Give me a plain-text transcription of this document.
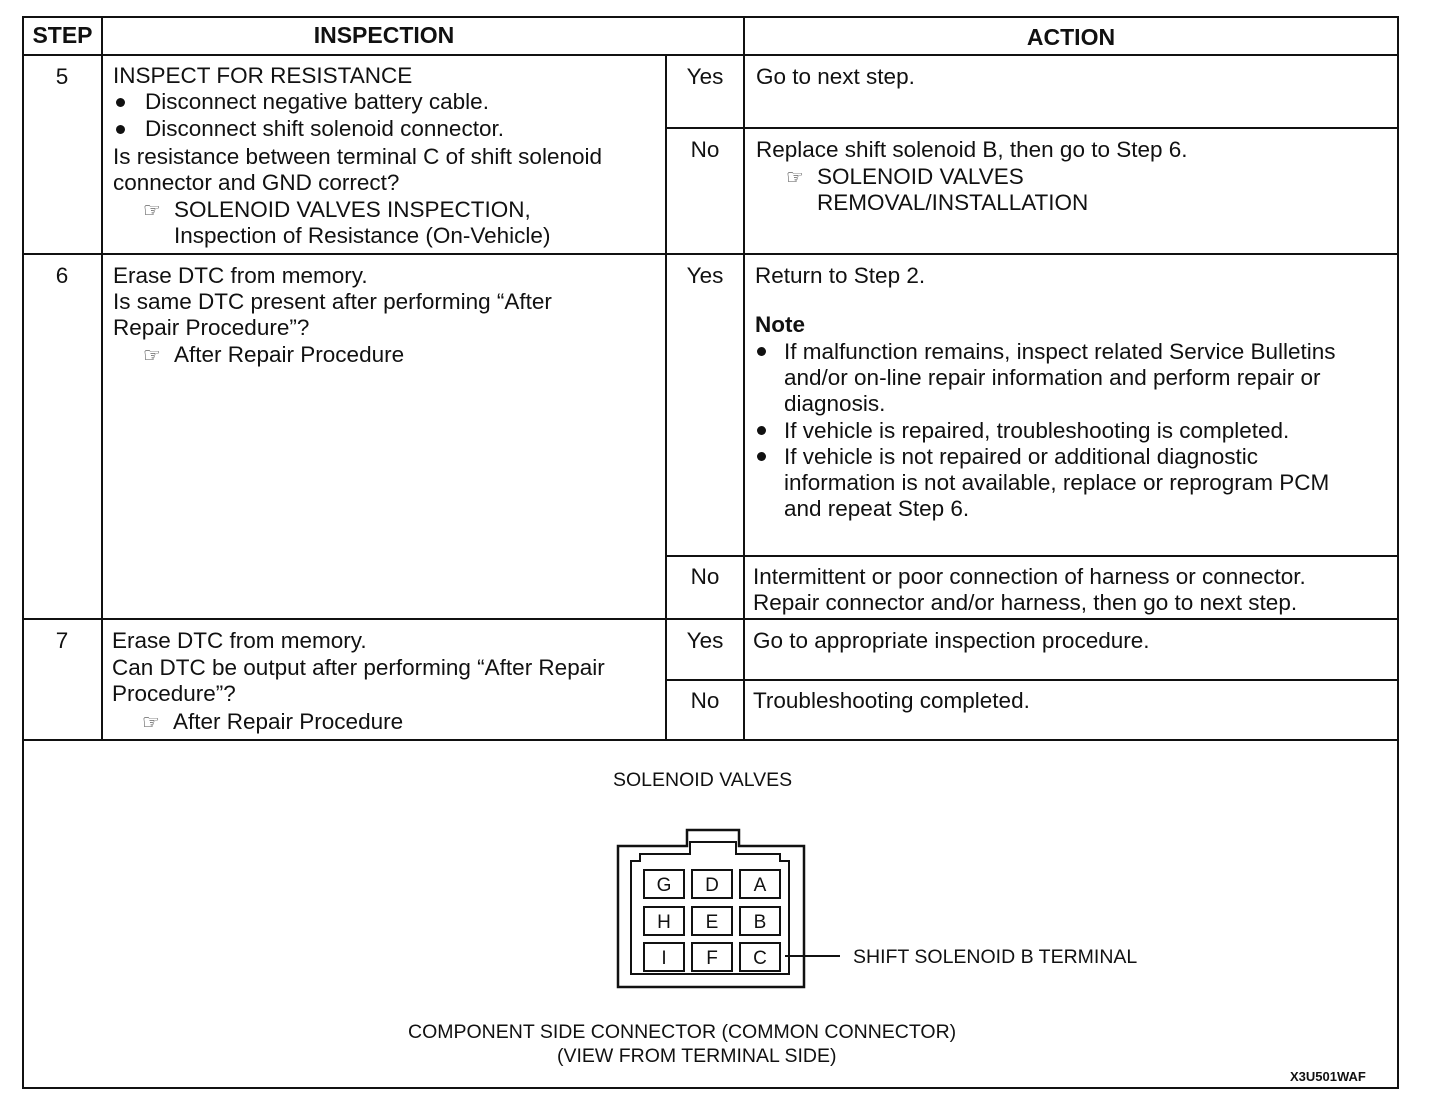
STEP	INSPECTION	ACTION
5	INSPECT FOR RESISTANCE
Disconnect negative battery cable.
Disconnect shift solenoid connector.
Is resistance between terminal C of shift solenoid
connector and GND correct?
☞ SOLENOID VALVES INSPECTION,
Inspection of Resistance (On-Vehicle)
Yes	Go to next step.
No	Replace shift solenoid B, then go to Step 6.
☞ SOLENOID VALVES
REMOVAL/INSTALLATION
6	Erase DTC from memory.
Is same DTC present after performing “After
Repair Procedure”?
☞ After Repair Procedure
Yes	Return to Step 2.
Note
If malfunction remains, inspect related Service Bulletins
and/or on-line repair information and perform repair or
diagnosis.
If vehicle is repaired, troubleshooting is completed.
If vehicle is not repaired or additional diagnostic
information is not available, replace or reprogram PCM
and repeat Step 6.
No	Intermittent or poor connection of harness or connector.
Repair connector and/or harness, then go to next step.
7	Erase DTC from memory.
Can DTC be output after performing “After Repair
Procedure”?
☞ After Repair Procedure
Yes	Go to appropriate inspection procedure.
No	Troubleshooting completed.
SOLENOID VALVES
G D A
H E B
I F C	SHIFT SOLENOID B TERMINAL
COMPONENT SIDE CONNECTOR (COMMON CONNECTOR)
(VIEW FROM TERMINAL SIDE)
X3U501WAF
